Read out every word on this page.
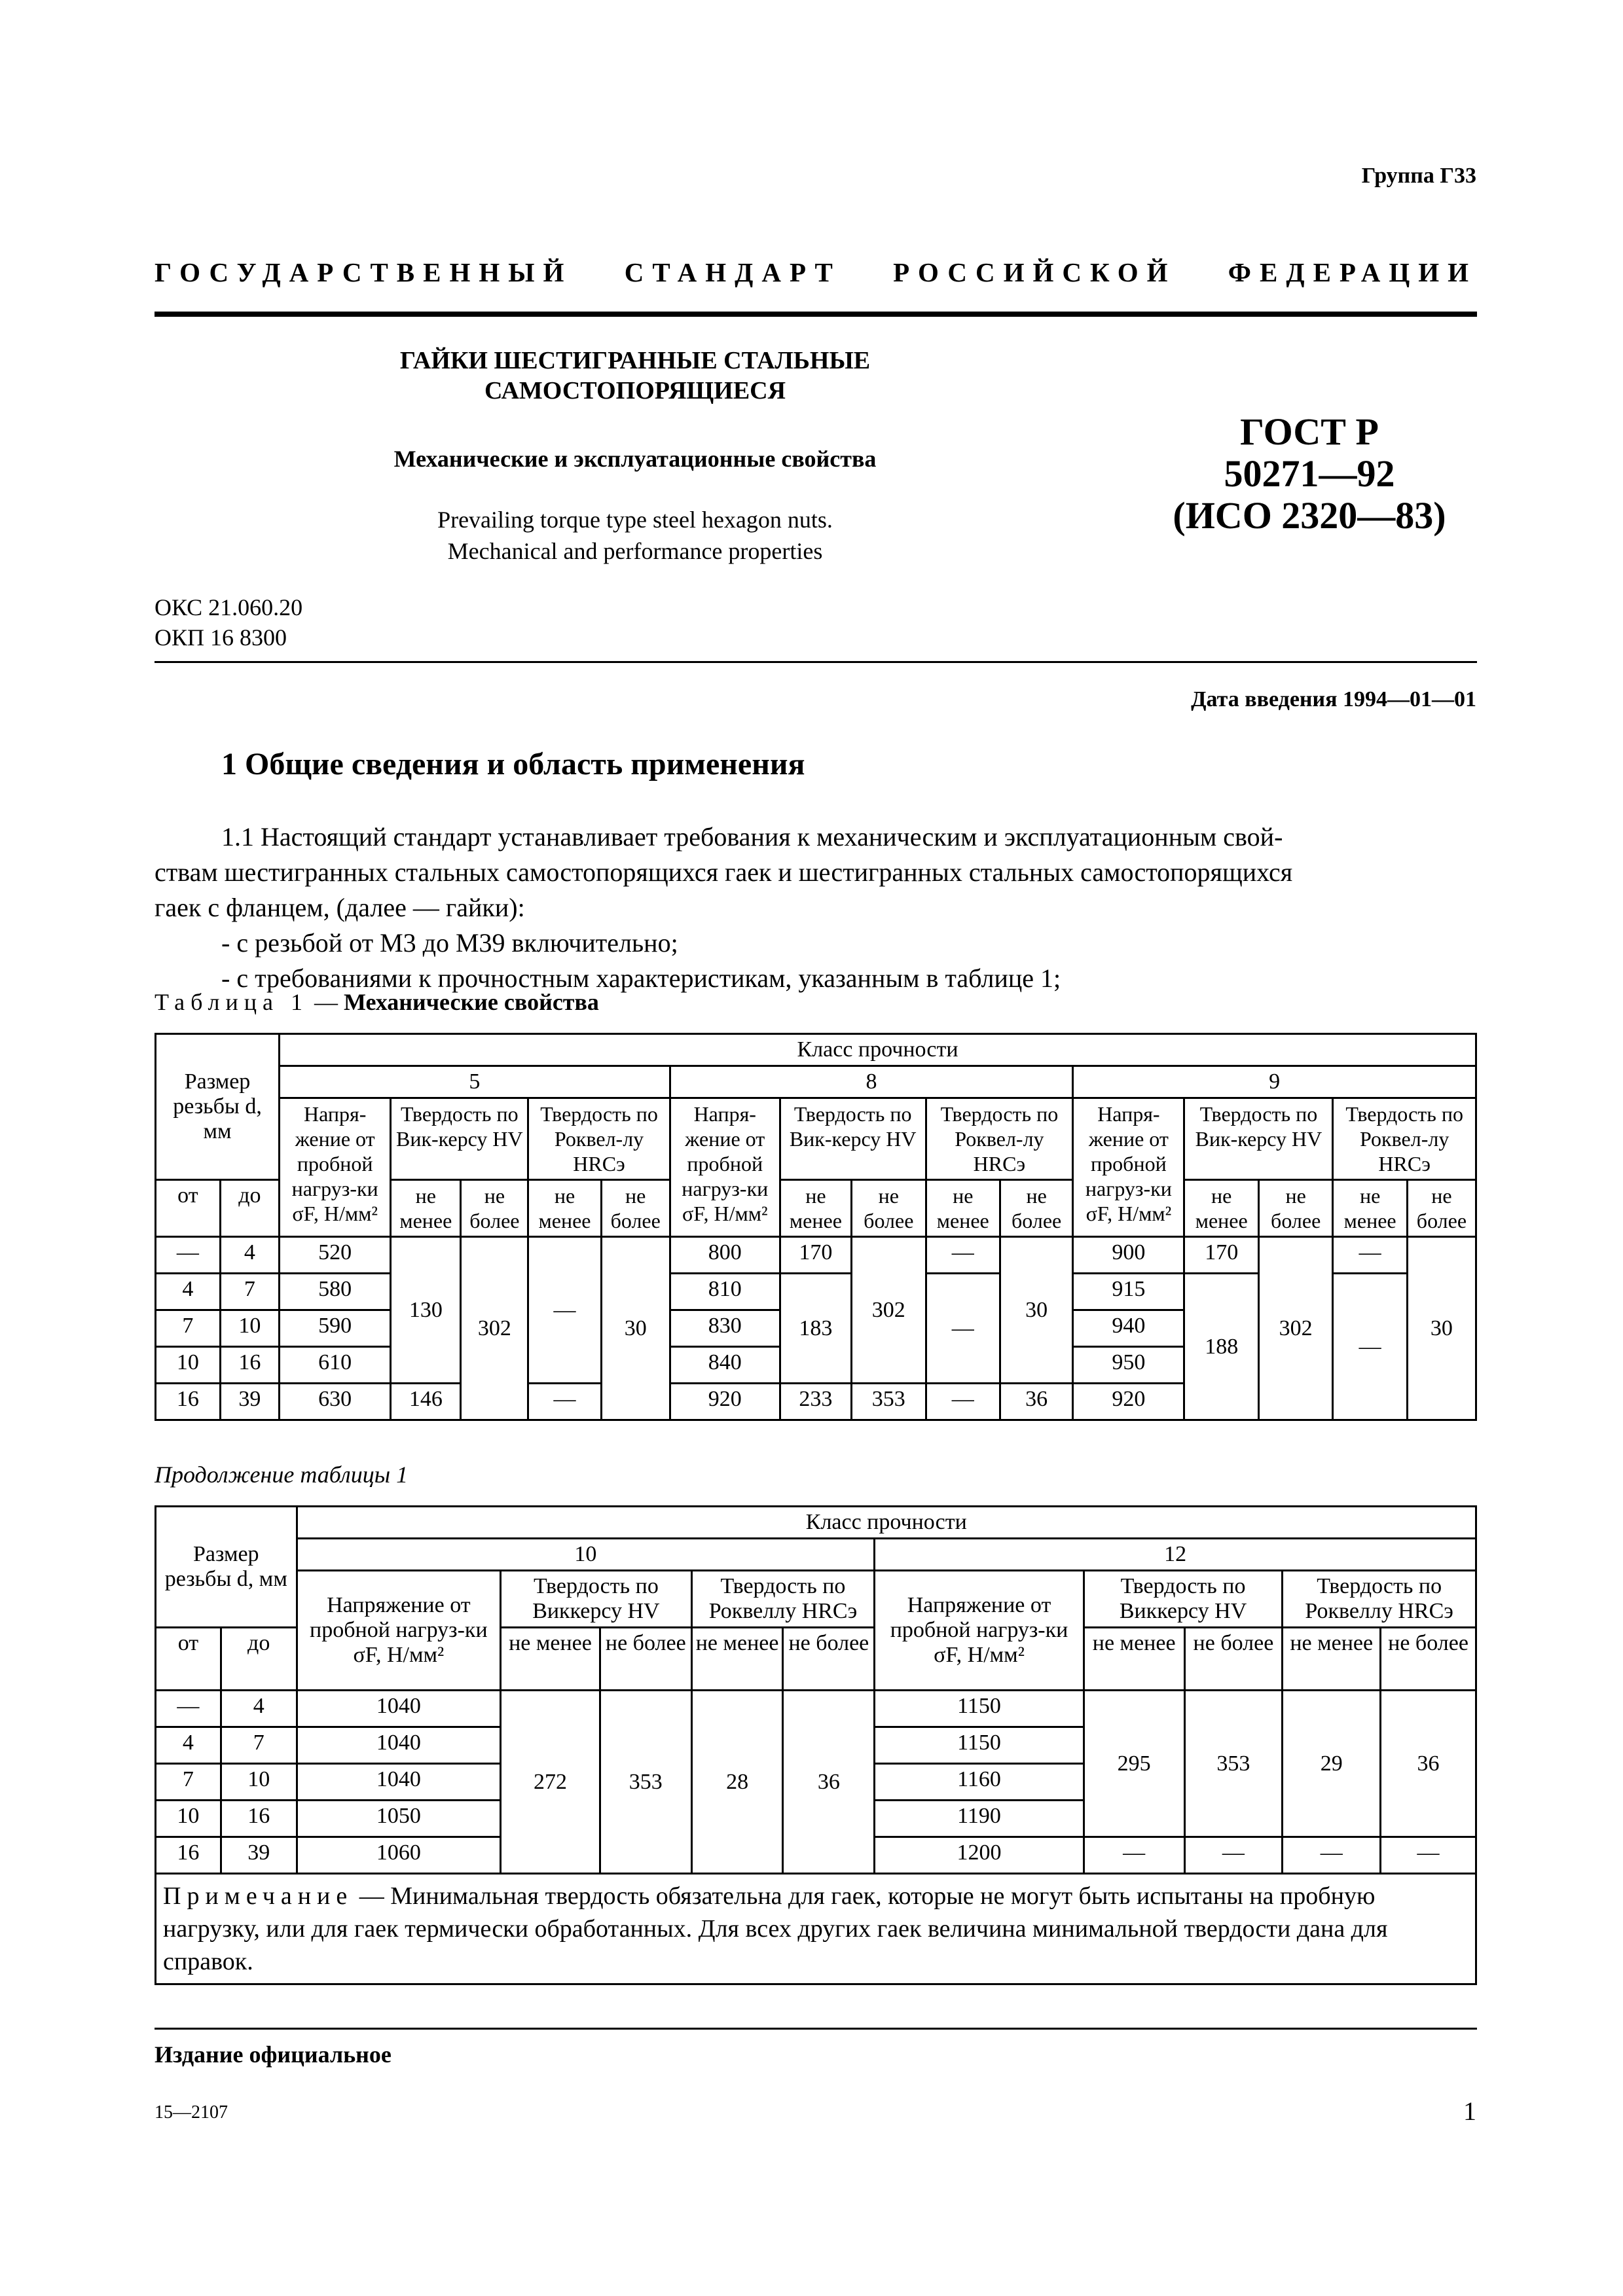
Группа Г33
ГОСУДАРСТВЕННЫЙ СТАНДАРТ РОССИЙСКОЙ ФЕДЕРАЦИИ
ГАЙКИ ШЕСТИГРАННЫЕ СТАЛЬНЫЕ
САМОСТОПОРЯЩИЕСЯ
Механические и эксплуатационные свойства
Prevailing torque type steel hexagon nuts.
Mechanical and performance properties
ГОСТ Р
50271—92
(ИСО 2320—83)
ОКС 21.060.20
ОКП 16 8300
Дата введения 1994—01—01
1 Общие сведения и область применения

1.1 Настоящий стандарт устанавливает требования к механическим и эксплуатационным свой-

ствам шестигранных стальных самостопорящихся гаек и шестигранных стальных самостопорящихся

гаек с фланцем, (далее — гайки):

- с резьбой от М3 до М39 включительно;

- с требованиями к прочностным характеристикам, указанным в таблице 1;

Таблица 1 — Механические свойства
Размер резьбы d, мм		Класс прочности														
		5					8					9				
		Напря-жение от пробной нагруз-ки σF, Н/мм²	Твердость по Вик-керсу HV		Твердость по Роквел-лу HRCэ		Напря-жение от пробной нагруз-ки σF, Н/мм²	Твердость по Вик-керсу HV		Твердость по Роквел-лу HRCэ		Напря-жение от пробной нагруз-ки σF, Н/мм²	Твердость по Вик-керсу HV		Твердость по Роквел-лу HRCэ	
от	до		не менее	не более	не менее	не более		не менее	не более	не менее	не более		не менее	не более	не менее	не более
—	4	520	130	302	—	30	800	170	302	—	30	900	170	302	—	30
4	7	580					810	183		—		915	188		—	
7	10	590					830					940				
10	16	610					840					950				
16	39	630	146		—		920	233	353	—	36	920				
Продолжение таблицы 1
Размер резьбы d, мм		Класс прочности									
		10					12				
		Напряжение от пробной нагруз-ки σF, Н/мм²	Твердость по Виккерсу HV		Твердость по Роквеллу HRCэ		Напряжение от пробной нагруз-ки σF, Н/мм²	Твердость по Виккерсу HV		Твердость по Роквеллу HRCэ	
от	до		не менее	не более	не менее	не более		не менее	не более	не менее	не более
—	4	1040	272	353	28	36	1150	295	353	29	36
4	7	1040					1150				
7	10	1040					1160				
10	16	1050					1190				
16	39	1060					1200	—	—	—	—
Примечание — Минимальная твердость обязательна для гаек, которые не могут быть испытаны на пробную нагрузку, или для гаек термически обработанных. Для всех других гаек величина минимальной твердости дана для справок.											
Издание официальное
15—2107	1
